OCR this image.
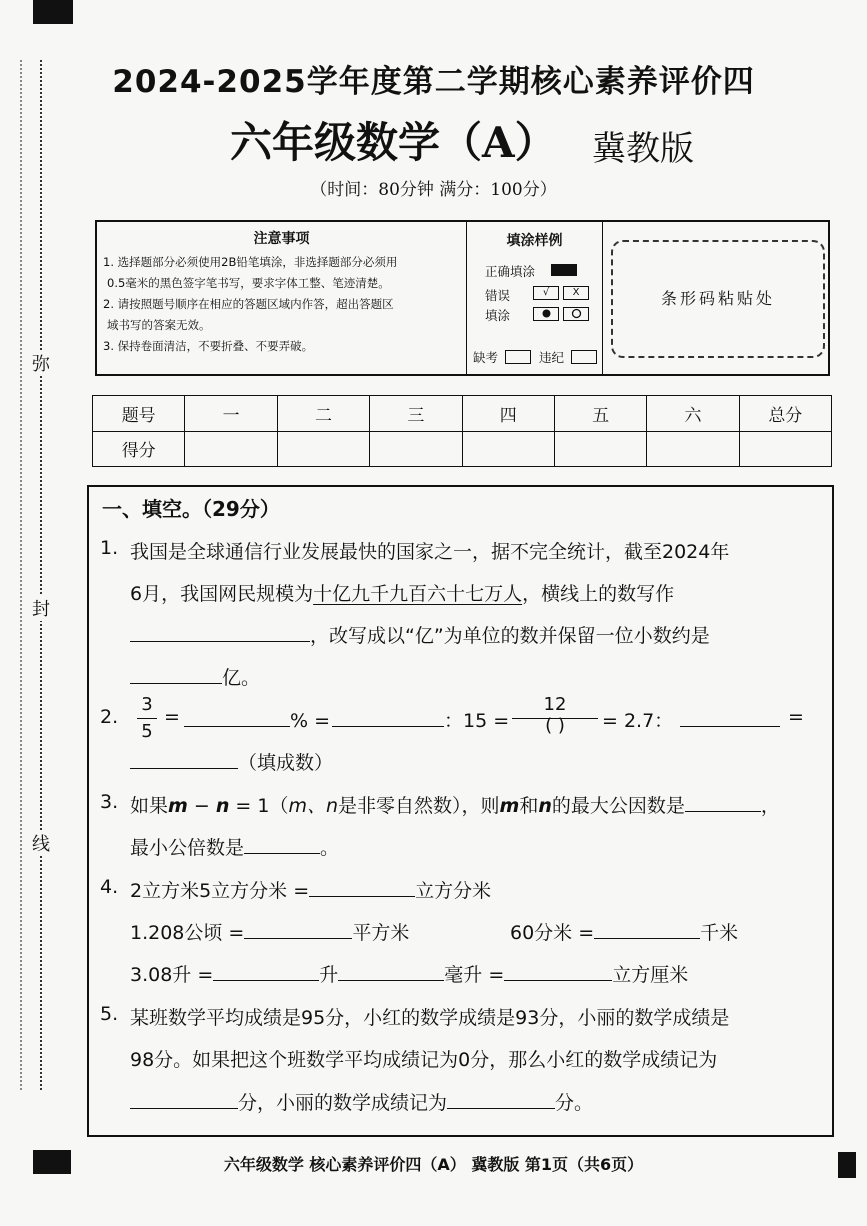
弥
封
线
2024-2025学年度第二学期核心素养评价四
六年级数学（A） 冀教版
（时间：80分钟 满分：100分）
注意事项
1. 选择题部分必须使用2B铅笔填涂，非选择题部分必须用
0.5毫米的黑色签字笔书写，要求字体工整、笔迹清楚。
2. 请按照题号顺序在相应的答题区域内作答，超出答题区
域书写的答案无效。
3. 保持卷面清洁，不要折叠、不要弄破。
填涂样例
正确填涂
错误
填涂
√	X
缺考	违纪
条形码粘贴处
题号	一	二	三	四	五	六	总分
得分							
一、填空。（29分）
1. 我国是全球通信行业发展最快的国家之一，据不完全统计，截至2024年
6月，我国网民规模为十亿九千九百六十七万人，横线上的数写作
，改写成以“亿”为单位的数并保留一位小数约是
亿。
2.
3
5
=	% =	：15 =
12
( )	= 2.7：	=
（填成数）
3. 如果m − n = 1（m、n是非零自然数），则m和n的最大公因数是	，
最小公倍数是	。
4. 2立方米5立方分米 =	立方分米
1.208公顷 =	平方米	60分米 =	千米
3.08升 =	升	毫升 =	立方厘米
5. 某班数学平均成绩是95分，小红的数学成绩是93分，小丽的数学成绩是
98分。如果把这个班数学平均成绩记为0分，那么小红的数学成绩记为
分，小丽的数学成绩记为	分。
六年级数学 核心素养评价四（A） 冀教版 第1页（共6页）
